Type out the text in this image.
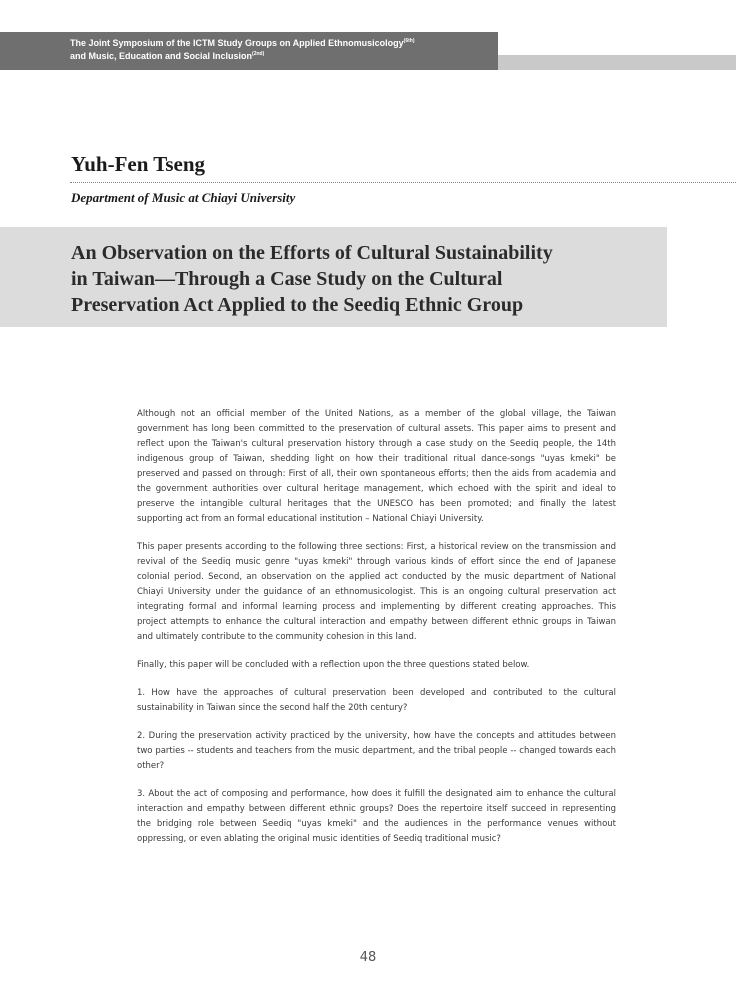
The Joint Symposium of the ICTM Study Groups on Applied Ethnomusicology$^{(6th)}$
and Music, Education and Social Inclusion$^{(2nd)}$
Yuh-Fen Tseng

Department of Music at Chiayi University

An Observation on the Efforts of Cultural Sustainability
in Taiwan—Through a Case Study on the Cultural
Preservation Act Applied to the Seediq Ethnic Group

Although not an official member of the United Nations, as a member of the global village, the Taiwan government has long been committed to the preservation of cultural assets. This paper aims to present and reflect upon the Taiwan's cultural preservation history through a case study on the Seediq people, the 14th indigenous group of Taiwan, shedding light on how their traditional ritual dance-songs "uyas kmeki" be preserved and passed on through: First of all, their own spontaneous efforts; then the aids from academia and the government authorities over cultural heritage management, which echoed with the spirit and ideal to preserve the intangible cultural heritages that the UNESCO has been promoted; and finally the latest supporting act from an formal educational institution – National Chiayi University.

This paper presents according to the following three sections: First, a historical review on the transmission and revival of the Seediq music genre "uyas kmeki" through various kinds of effort since the end of Japanese colonial period. Second, an observation on the applied act conducted by the music department of National Chiayi University under the guidance of an ethnomusicologist. This is an ongoing cultural preservation act integrating formal and informal learning process and implementing by different creating approaches. This project attempts to enhance the cultural interaction and empathy between different ethnic groups in Taiwan and ultimately contribute to the community cohesion in this land.

Finally, this paper will be concluded with a reflection upon the three questions stated below.

1. How have the approaches of cultural preservation been developed and contributed to the cultural sustainability in Taiwan since the second half the 20th century?

2. During the preservation activity practiced by the university, how have the concepts and attitudes between two parties -- students and teachers from the music department, and the tribal people -- changed towards each other?

3. About the act of composing and performance, how does it fulfill the designated aim to enhance the cultural interaction and empathy between different ethnic groups? Does the repertoire itself succeed in representing the bridging role between Seediq "uyas kmeki" and the audiences in the performance venues without oppressing, or even ablating the original music identities of Seediq traditional music?

48
